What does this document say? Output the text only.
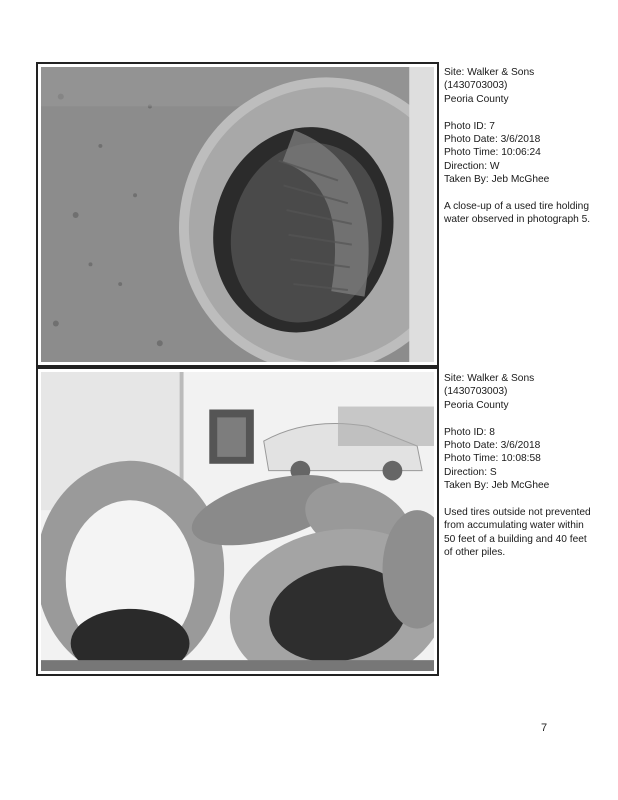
Site: Walker & Sons
(1430703003)
Peoria County
Photo ID: 7
Photo Date: 3/6/2018
Photo Time: 10:06:24
Direction: W
Taken By: Jeb McGhee
A close-up of a used tire holding water observed in photograph 5.
Site: Walker & Sons
(1430703003)
Peoria County
Photo ID: 8
Photo Date: 3/6/2018
Photo Time: 10:08:58
Direction: S
Taken By: Jeb McGhee
Used tires outside not prevented from accumulating water within 50 feet of a building and 40 feet of other piles.
7
